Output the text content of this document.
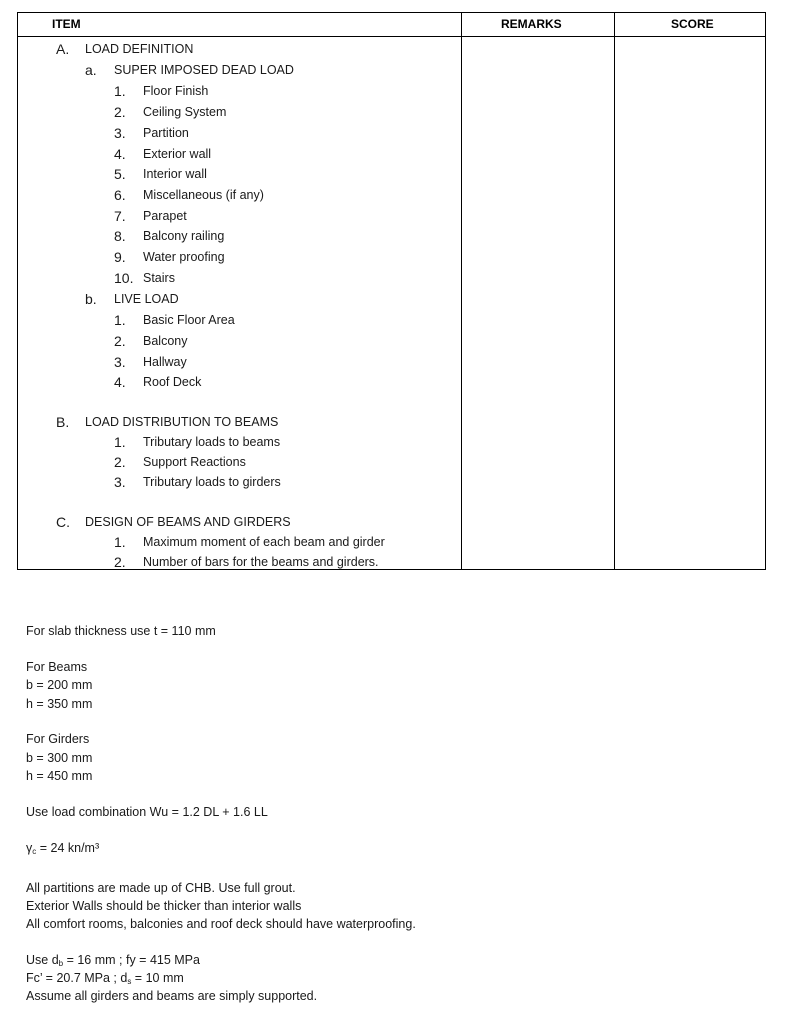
ITEM	REMARKS	SCORE
A. LOAD DEFINITION
a. SUPER IMPOSED DEAD LOAD
1. Floor Finish
2. Ceiling System
3. Partition
4. Exterior wall
5. Interior wall
6. Miscellaneous (if any)
7. Parapet
8. Balcony railing
9. Water proofing
10. Stairs
b. LIVE LOAD
1. Basic Floor Area
2. Balcony
3. Hallway
4. Roof Deck
B. LOAD DISTRIBUTION TO BEAMS
1. Tributary loads to beams
2. Support Reactions
3. Tributary loads to girders
C. DESIGN OF BEAMS AND GIRDERS
1. Maximum moment of each beam and girder
2. Number of bars for the beams and girders.
For slab thickness use t = 110 mm
For Beams
b = 200 mm
h = 350 mm
For Girders
b = 300 mm
h = 450 mm
Use load combination Wu = 1.2 DL + 1.6 LL
$\gamma_c = 24$ kn/m³
All partitions are made up of CHB. Use full grout.
Exterior Walls should be thicker than interior walls
All comfort rooms, balconies and roof deck should have waterproofing.
Use $d_b = 16$ mm ; fy = 415 MPa
Fc’ = 20.7 MPa ; $d_s = 10$ mm
Assume all girders and beams are simply supported.
